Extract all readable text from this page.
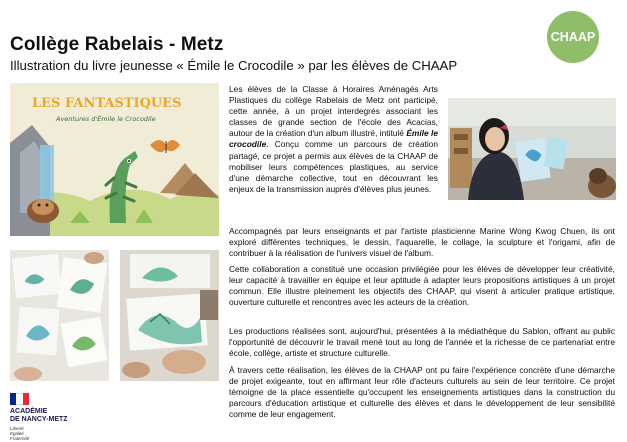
Collège Rabelais - Metz
Illustration du livre jeunesse « Émile le Crocodile » par les élèves de CHAAP
CHAAP
LES FANTASTIQUES
Aventures d'Émile le Crocodile

Les élèves de la Classe à Horaires Aménagés Arts Plastiques du collège Rabelais de Metz ont participé, cette année, à un projet interdegrés associant les classes de grande section de l'école des Acacias, autour de la création d'un album illustré, intitulé Émile le crocodile. Conçu comme un parcours de création partagé, ce projet a permis aux élèves de la CHAAP de mobiliser leurs compétences plastiques, au service d'une démarche collective, tout en découvrant les enjeux de la transmission auprès d'élèves plus jeunes.

Accompagnés par leurs enseignants et par l'artiste plasticienne Marine Wong Kwog Chuen, ils ont exploré différentes techniques, le dessin, l'aquarelle, le collage, la sculpture et l'origami, afin de contribuer à la réalisation de l'univers visuel de l'album.

Cette collaboration a constitué une occasion privilégiée pour les élèves de développer leur créativité, leur capacité à travailler en équipe et leur aptitude à adapter leurs propositions artistiques à un projet commun. Elle illustre pleinement les objectifs des CHAAP, qui visent à articuler pratique artistique, ouverture culturelle et rencontres avec les acteurs de la création.

Les productions réalisées sont, aujourd'hui, présentées à la médiathèque du Sablon, offrant au public l'opportunité de découvrir le travail mené tout au long de l'année et la richesse de ce partenariat entre école, collège, artiste et structure culturelle.

À travers cette réalisation, les élèves de la CHAAP ont pu faire l'expérience concrète d'une démarche de projet exigeante, tout en affirmant leur rôle d'acteurs culturels au sein de leur territoire. Ce projet témoigne de la place essentielle qu'occupent les enseignements artistiques dans la construction du parcours d'éducation artistique et culturelle des élèves et dans le développement de leur sensibilité comme de leur engagement.

ACADÉMIE
DE NANCY-METZ
Liberté
Égalité
Fraternité
